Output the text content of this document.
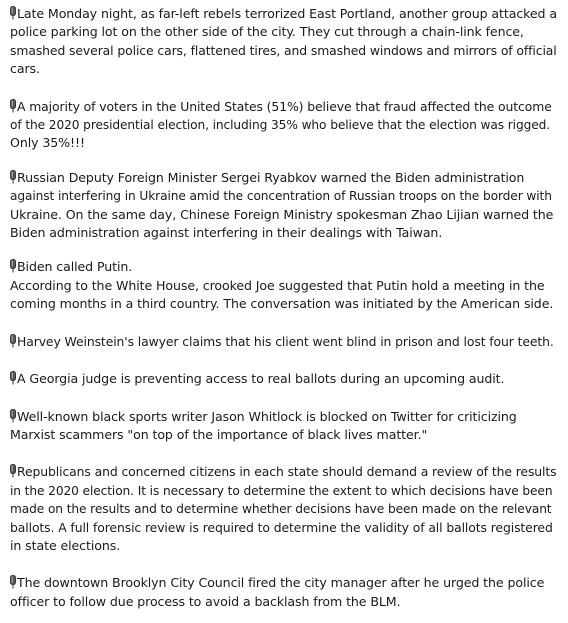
Late Monday night, as far-left rebels terrorized East Portland, another group attacked a
police parking lot on the other side of the city. They cut through a chain-link fence,
smashed several police cars, flattened tires, and smashed windows and mirrors of official
cars.
A majority of voters in the United States (51%) believe that fraud affected the outcome
of the 2020 presidential election, including 35% who believe that the election was rigged.
Only 35%!!!
Russian Deputy Foreign Minister Sergei Ryabkov warned the Biden administration
against interfering in Ukraine amid the concentration of Russian troops on the border with
Ukraine. On the same day, Chinese Foreign Ministry spokesman Zhao Lijian warned the
Biden administration against interfering in their dealings with Taiwan.
Biden called Putin.
According to the White House, crooked Joe suggested that Putin hold a meeting in the
coming months in a third country. The conversation was initiated by the American side.
Harvey Weinstein's lawyer claims that his client went blind in prison and lost four teeth.
A Georgia judge is preventing access to real ballots during an upcoming audit.
Well-known black sports writer Jason Whitlock is blocked on Twitter for criticizing
Marxist scammers "on top of the importance of black lives matter."
Republicans and concerned citizens in each state should demand a review of the results
in the 2020 election. It is necessary to determine the extent to which decisions have been
made on the results and to determine whether decisions have been made on the relevant
ballots. A full forensic review is required to determine the validity of all ballots registered
in state elections.
The downtown Brooklyn City Council fired the city manager after he urged the police
officer to follow due process to avoid a backlash from the BLM.
